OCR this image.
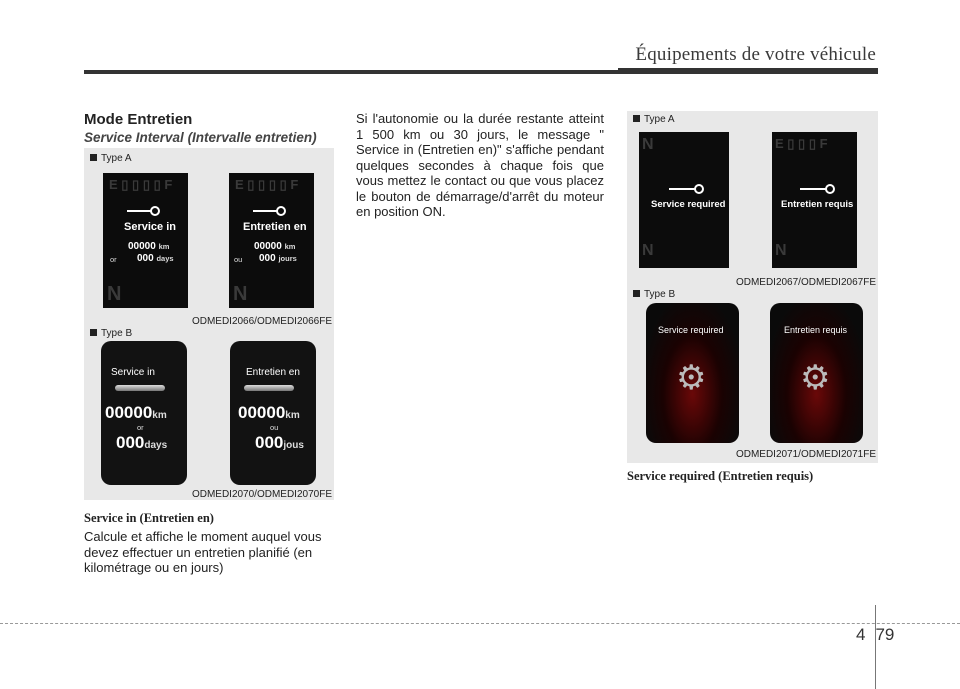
Équipements de votre véhicule
Mode Entretien
Service Interval (Intervalle entretien)
Type A
E ▯ ▯ ▯ ▯ F
Service in
00000 km
or 000 days
N
E ▯ ▯ ▯ ▯ F
Entretien en
00000 km
ou 000 jours
N
ODMEDI2066/ODMEDI2066FE
Type B
Service in
00000km
or
000days
Entretien en
00000km
ou
000jous
ODMEDI2070/ODMEDI2070FE
Service in (Entretien en)
Calcule et affiche le moment auquel vous devez effectuer un entretien planifié (en kilométrage ou en jours)
Si l'autonomie ou la durée restante atteint 1 500 km ou 30 jours, le message " Service in (Entretien en)" s'affiche pendant quelques secondes à chaque fois que vous mettez le contact ou que vous placez le bouton de démarrage/d'arrêt du moteur en position ON.
Type A
N
Service required
N
E ▯ ▯ ▯ F
Entretien requis
N
ODMEDI2067/ODMEDI2067FE
Type B
Service required
⚙
Entretien requis
⚙
ODMEDI2071/ODMEDI2071FE
Service required (Entretien requis)
4 79
